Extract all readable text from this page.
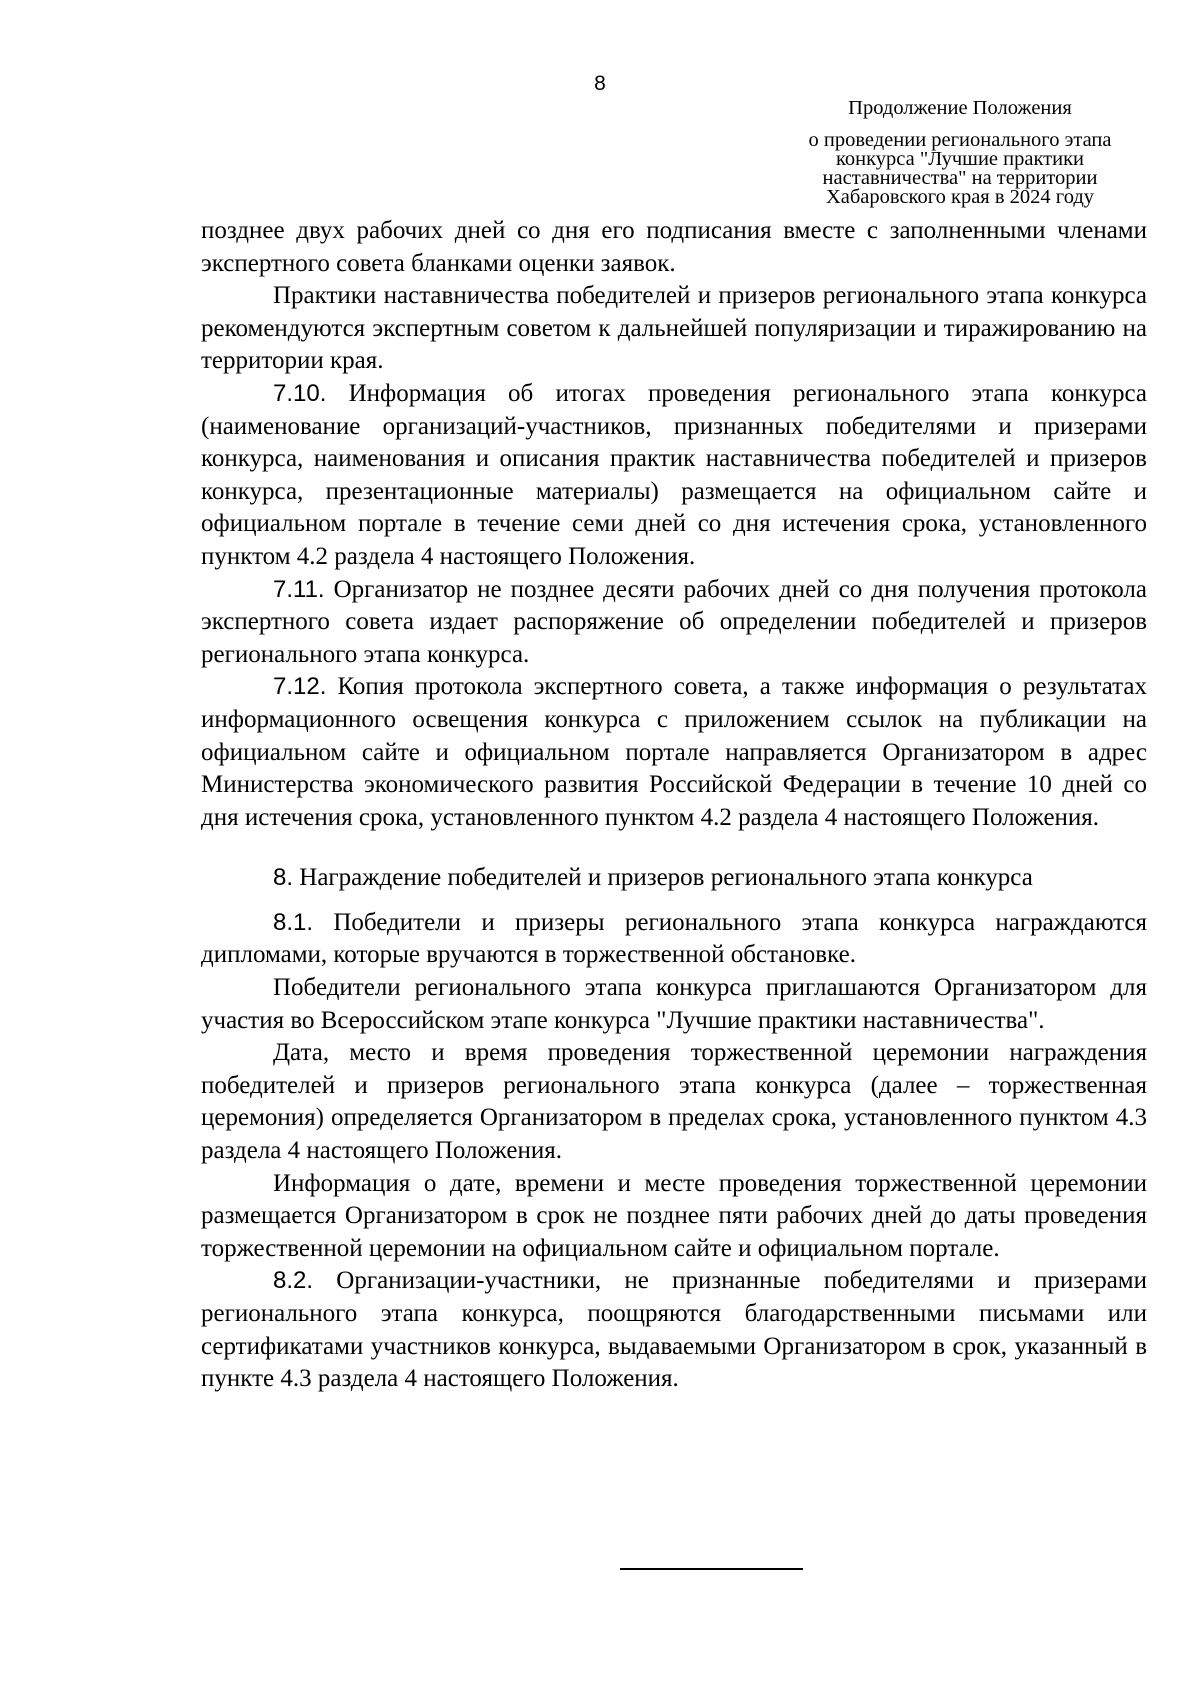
8
Продолжение Положения
о проведении регионального этапа
конкурса "Лучшие практики
наставничества" на территории
Хабаровского края в 2024 году

позднее двух рабочих дней со дня его подписания вместе с заполненными членами экспертного совета бланками оценки заявок.

Практики наставничества победителей и призеров регионального этапа конкурса рекомендуются экспертным советом к дальнейшей популяризации и тиражированию на территории края.

7.10. Информация об итогах проведения регионального этапа конкурса (наименование организаций-участников, признанных победителями и призерами конкурса, наименования и описания практик наставничества победителей и призеров конкурса, презентационные материалы) размещается на официальном сайте и официальном портале в течение семи дней со дня истечения срока, установленного пунктом 4.2 раздела 4 настоящего Положения.

7.11. Организатор не позднее десяти рабочих дней со дня получения протокола экспертного совета издает распоряжение об определении победителей и призеров регионального этапа конкурса.

7.12. Копия протокола экспертного совета, а также информация о результатах информационного освещения конкурса с приложением ссылок на публикации на официальном сайте и официальном портале направляется Организатором в адрес Министерства экономического развития Российской Федерации в течение 10 дней со дня истечения срока, установленного пунктом 4.2 раздела 4 настоящего Положения.

8. Награждение победителей и призеров регионального этапа конкурса

8.1. Победители и призеры регионального этапа конкурса награждаются дипломами, которые вручаются в торжественной обстановке.

Победители регионального этапа конкурса приглашаются Организатором для участия во Всероссийском этапе конкурса "Лучшие практики наставничества".

Дата, место и время проведения торжественной церемонии награждения победителей и призеров регионального этапа конкурса (далее – торжественная церемония) определяется Организатором в пределах срока, установленного пунктом 4.3 раздела 4 настоящего Положения.

Информация о дате, времени и месте проведения торжественной церемонии размещается Организатором в срок не позднее пяти рабочих дней до даты проведения торжественной церемонии на официальном сайте и официальном портале.

8.2. Организации-участники, не признанные победителями и призерами регионального этапа конкурса, поощряются благодарственными письмами или сертификатами участников конкурса, выдаваемыми Организатором в срок, указанный в пункте 4.3 раздела 4 настоящего Положения.
